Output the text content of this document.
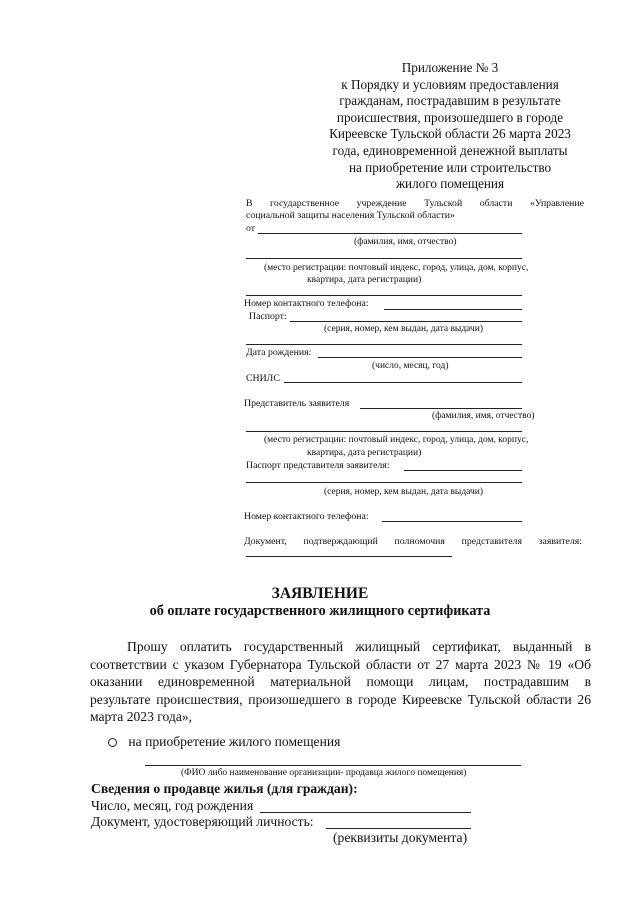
Приложение № 3
к Порядку и условиям предоставления
гражданам, пострадавшим в результате
происшествия, произошедшего в городе
Киреевске Тульской области 26 марта 2023
года, единовременной денежной выплаты
на приобретение или строительство
жилого помещения
В государственное учреждение Тульской области «Управление
социальной защиты населения Тульской области»
от
(фамилия, имя, отчество)
(место регистрации: почтовый индекс, город, улица, дом, корпус,
квартира, дата регистрации)
Номер контактного телефона:
Паспорт:
(серия, номер, кем выдан, дата выдачи)
Дата рождения:
(число, месяц, год)
СНИЛС
Представитель заявителя
(фамилия, имя, отчество)
(место регистрации: почтовый индекс, город, улица, дом, корпус,
квартира, дата регистрации)
Паспорт представителя заявителя:
(серия, номер, кем выдан, дата выдачи)
Номер контактного телефона:
Документ, подтверждающий полномочия представителя заявителя:
ЗАЯВЛЕНИЕ
об оплате государственного жилищного сертификата
Прошу оплатить государственный жилищный сертификат, выданный в
соответствии с указом Губернатора Тульской области от 27 марта 2023 № 19 «Об
оказании единовременной материальной помощи лицам, пострадавшим в
результате происшествия, произошедшего в городе Киреевске Тульской области 26
марта 2023 года»,
на приобретение жилого помещения
(ФИО либо наименование организации- продавца жилого помещения)
Сведения о продавце жилья (для граждан):
Число, месяц, год рождения
Документ, удостоверяющий личность:
(реквизиты документа)
